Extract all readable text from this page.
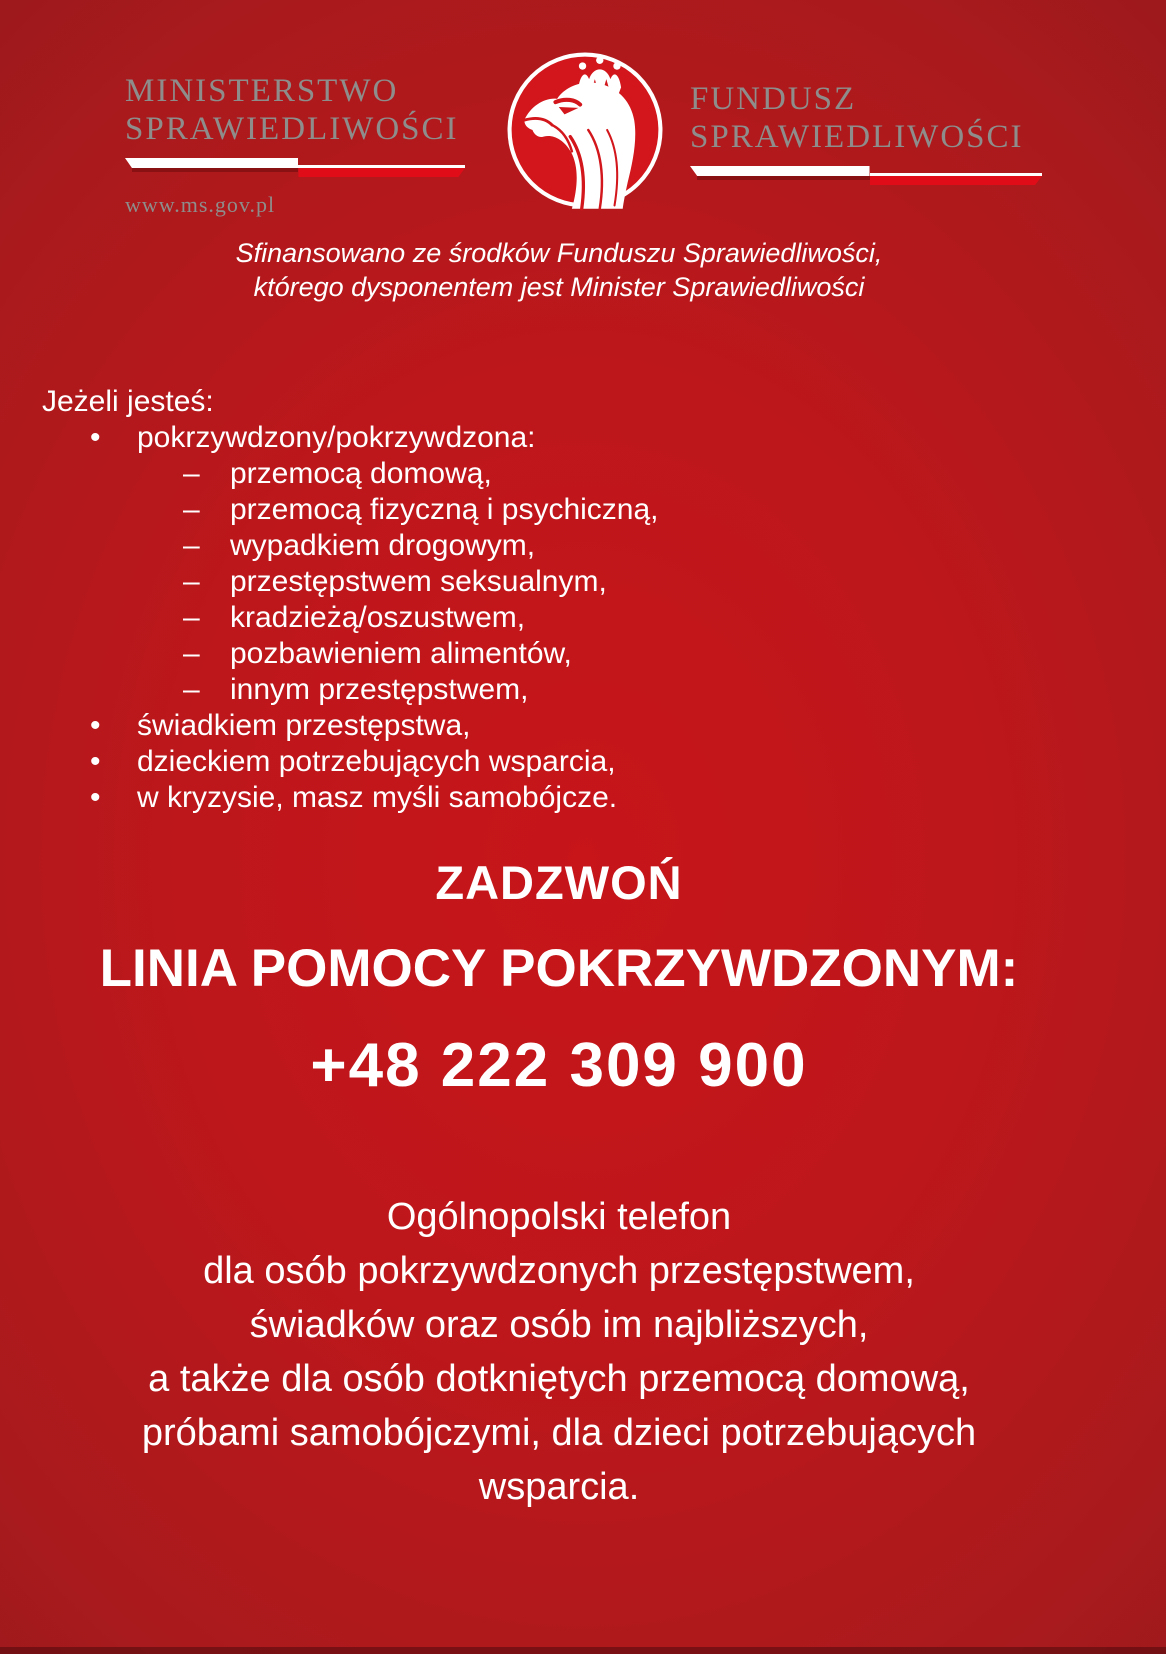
MINISTERSTWO
SPRAWIEDLIWOŚCI
www.ms.gov.pl
FUNDUSZ
SPRAWIEDLIWOŚCI
Sfinansowano ze środków Funduszu Sprawiedliwości,
którego dysponentem jest Minister Sprawiedliwości
Jeżeli jesteś:
• pokrzywdzony/pokrzywdzona:
– przemocą domową,
– przemocą fizyczną i psychiczną,
– wypadkiem drogowym,
– przestępstwem seksualnym,
– kradzieżą/oszustwem,
– pozbawieniem alimentów,
– innym przestępstwem,
• świadkiem przestępstwa,
• dzieckiem potrzebujących wsparcia,
• w kryzysie, masz myśli samobójcze.
ZADZWOŃ
LINIA POMOCY POKRZYWDZONYM:
+48 222 309 900
Ogólnopolski telefon
dla osób pokrzywdzonych przestępstwem,
świadków oraz osób im najbliższych,
a także dla osób dotkniętych przemocą domową,
próbami samobójczymi, dla dzieci potrzebujących
wsparcia.
